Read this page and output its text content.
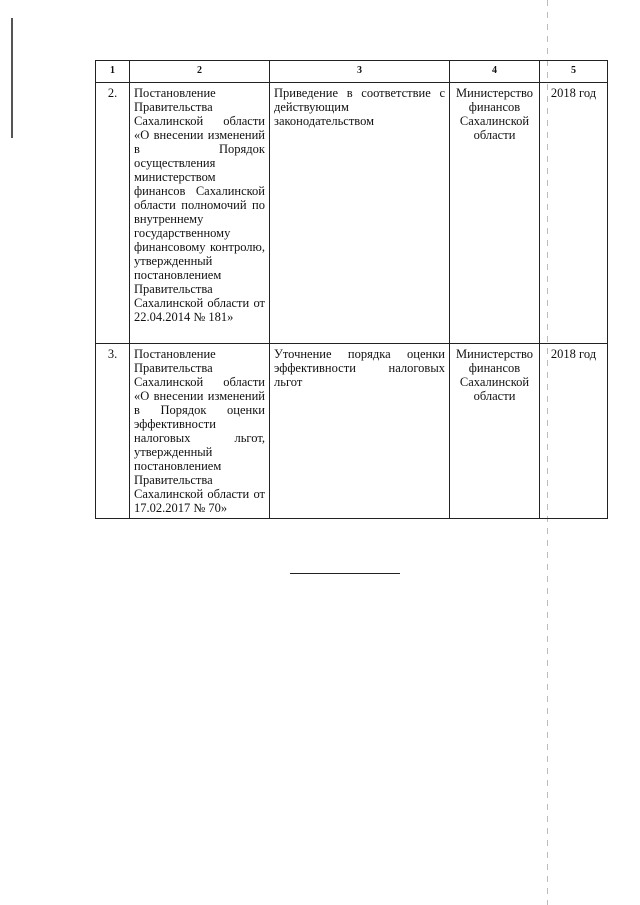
1	2	3	4	5
2.	Постановление Правительства Сахалинской области «О внесении изменений в Порядок осуществления министерством финансов Сахалинской области полномочий по внутреннему государственному финансовому контролю, утвержденный постановлением Правительства Сахалинской области от 22.04.2014 № 181»	Приведение в соответствие с действующим законодательством	Министерство финансов Сахалинской области	2018 год
3.	Постановление Правительства Сахалинской области «О внесении изменений в Порядок оценки эффективности налоговых льгот, утвержденный постановлением Правительства Сахалинской области от 17.02.2017 № 70»	Уточнение порядка оценки эффективности налоговых льгот	Министерство финансов Сахалинской области	2018 год
